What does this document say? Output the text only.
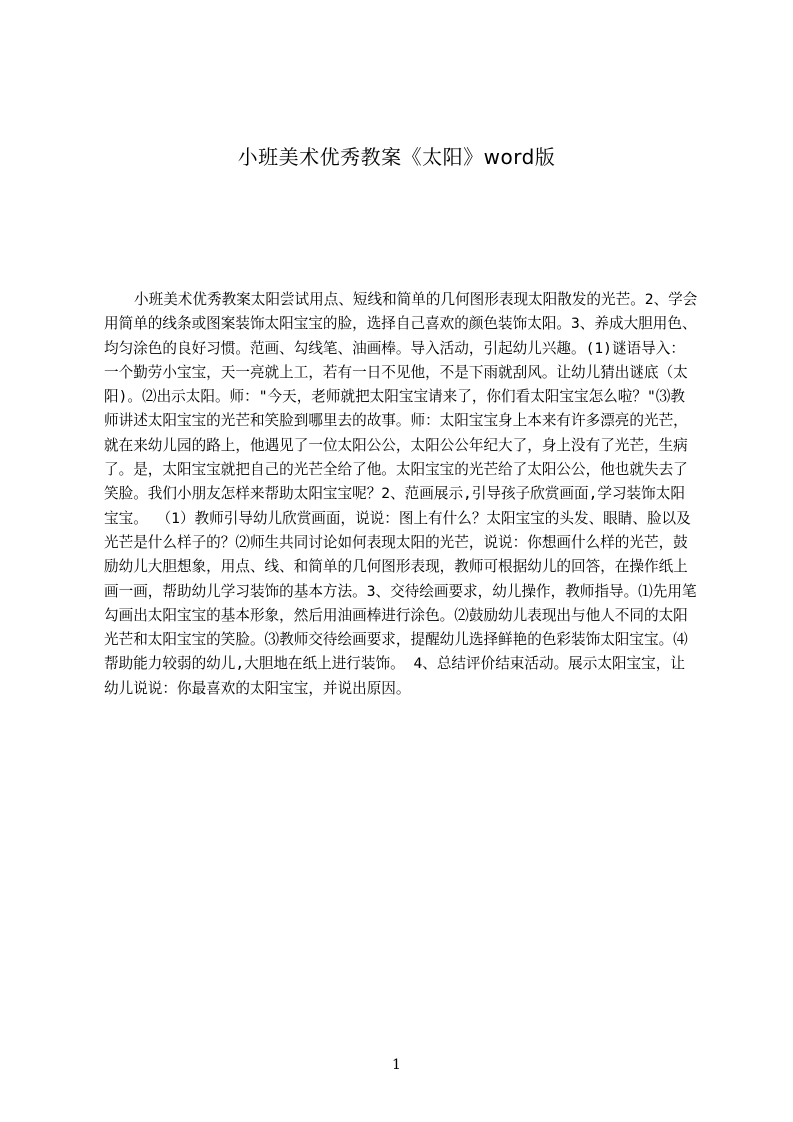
小班美术优秀教案《太阳》word版

小班美术优秀教案太阳尝试用点、短线和简单的几何图形表现太阳散发的光芒。2、学会用简单的线条或图案装饰太阳宝宝的脸，选择自己喜欢的颜色装饰太阳。3、养成大胆用色、均匀涂色的良好习惯。范画、勾线笔、油画棒。导入活动，引起幼儿兴趣。(1)谜语导入：一个勤劳小宝宝，天一亮就上工，若有一日不见他，不是下雨就刮风。让幼儿猜出谜底（太阳)。⑵出示太阳。师："今天，老师就把太阳宝宝请来了，你们看太阳宝宝怎么啦？"⑶教师讲述太阳宝宝的光芒和笑脸到哪里去的故事。师：太阳宝宝身上本来有许多漂亮的光芒，就在来幼儿园的路上，他遇见了一位太阳公公，太阳公公年纪大了，身上没有了光芒，生病了。是，太阳宝宝就把自己的光芒全给了他。太阳宝宝的光芒给了太阳公公，他也就失去了笑脸。我们小朋友怎样来帮助太阳宝宝呢？2、范画展示,引导孩子欣赏画面,学习装饰太阳宝宝。 （1）教师引导幼儿欣赏画面，说说：图上有什么？太阳宝宝的头发、眼睛、脸以及光芒是什么样子的？⑵师生共同讨论如何表现太阳的光芒，说说：你想画什么样的光芒，鼓励幼儿大胆想象，用点、线、和简单的几何图形表现，教师可根据幼儿的回答，在操作纸上画一画，帮助幼儿学习装饰的基本方法。3、交待绘画要求，幼儿操作，教师指导。⑴先用笔勾画出太阳宝宝的基本形象，然后用油画棒进行涂色。⑵鼓励幼儿表现出与他人不同的太阳光芒和太阳宝宝的笑脸。⑶教师交待绘画要求，提醒幼儿选择鲜艳的色彩装饰太阳宝宝。⑷帮助能力较弱的幼儿,大胆地在纸上进行装饰。 4、总结评价结束活动。展示太阳宝宝，让幼儿说说：你最喜欢的太阳宝宝，并说出原因。

1
